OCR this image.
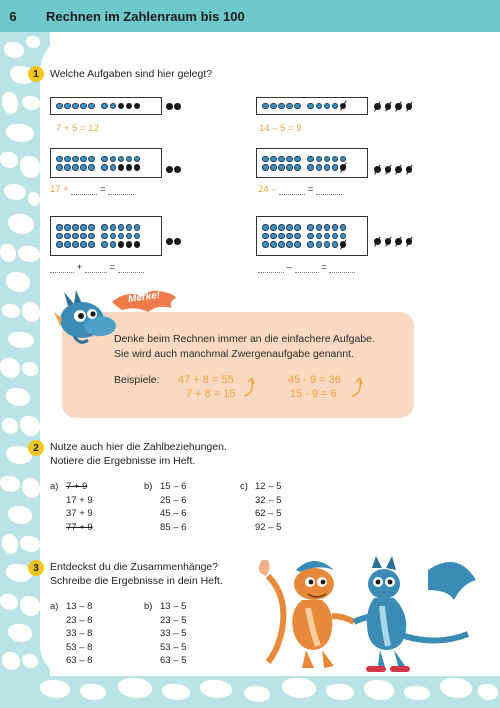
6	Rechnen im Zahlenraum bis 100
1	Welche Aufgaben sind hier gelegt?
7 + 5 = 12	14 – 5 = 9
17 +	=	24 –	=
+	=	–	=
Merke!
Denke beim Rechnen immer an die einfachere Aufgabe.
Sie wird auch manchmal Zwergenaufgabe genannt.
Beispiele: 47 + 8 = 55
7 + 8 = 15
45 - 9 = 36
15 - 9 = 6
2	Nutze auch hier die Zahlbeziehungen.
Notiere die Ergebnisse im Heft.
a) 7 + 9
17 + 9
37 + 9
77 + 9
b) 15 – 6
25 – 6
45 – 6
85 – 6
c) 12 – 5
32 – 5
62 – 5
92 – 5
3	Entdeckst du die Zusammenhänge?
Schreibe die Ergebnisse in dein Heft.
a) 13 – 8
23 – 8
33 – 8
53 – 8
63 – 8
b) 13 – 5
23 – 5
33 – 5
53 – 5
63 – 5
